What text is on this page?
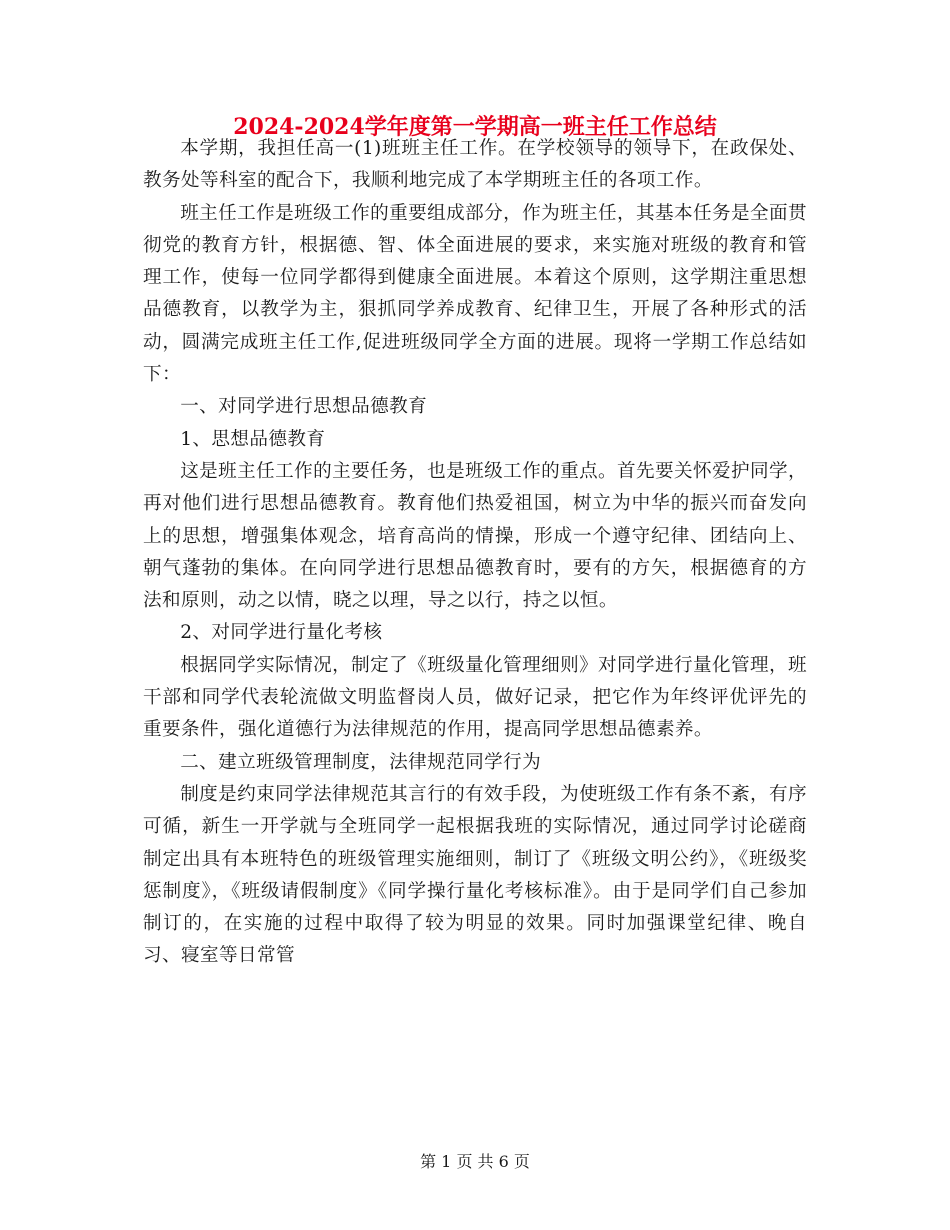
2024-2024学年度第一学期高一班主任工作总结

本学期，我担任高一(1)班班主任工作。在学校领导的领导下，在政保处、教务处等科室的配合下，我顺利地完成了本学期班主任的各项工作。

班主任工作是班级工作的重要组成部分，作为班主任，其基本任务是全面贯彻党的教育方针，根据德、智、体全面进展的要求，来实施对班级的教育和管理工作，使每一位同学都得到健康全面进展。本着这个原则，这学期注重思想品德教育，以教学为主，狠抓同学养成教育、纪律卫生，开展了各种形式的活动，圆满完成班主任工作,促进班级同学全方面的进展。现将一学期工作总结如下：

一、对同学进行思想品德教育

1、思想品德教育

这是班主任工作的主要任务，也是班级工作的重点。首先要关怀爱护同学，再对他们进行思想品德教育。教育他们热爱祖国，树立为中华的振兴而奋发向上的思想，增强集体观念，培育高尚的情操，形成一个遵守纪律、团结向上、朝气蓬勃的集体。在向同学进行思想品德教育时，要有的方矢，根据德育的方法和原则，动之以情，晓之以理，导之以行，持之以恒。

2、对同学进行量化考核

根据同学实际情况，制定了《班级量化管理细则》对同学进行量化管理，班干部和同学代表轮流做文明监督岗人员，做好记录，把它作为年终评优评先的重要条件，强化道德行为法律规范的作用，提高同学思想品德素养。

二、建立班级管理制度，法律规范同学行为

制度是约束同学法律规范其言行的有效手段，为使班级工作有条不紊，有序可循，新生一开学就与全班同学一起根据我班的实际情况，通过同学讨论磋商制定出具有本班特色的班级管理实施细则，制订了《班级文明公约》，《班级奖惩制度》，《班级请假制度》《同学操行量化考核标准》。由于是同学们自己参加制订的，在实施的过程中取得了较为明显的效果。同时加强课堂纪律、晚自习、寝室等日常管

第 1 页 共 6 页
